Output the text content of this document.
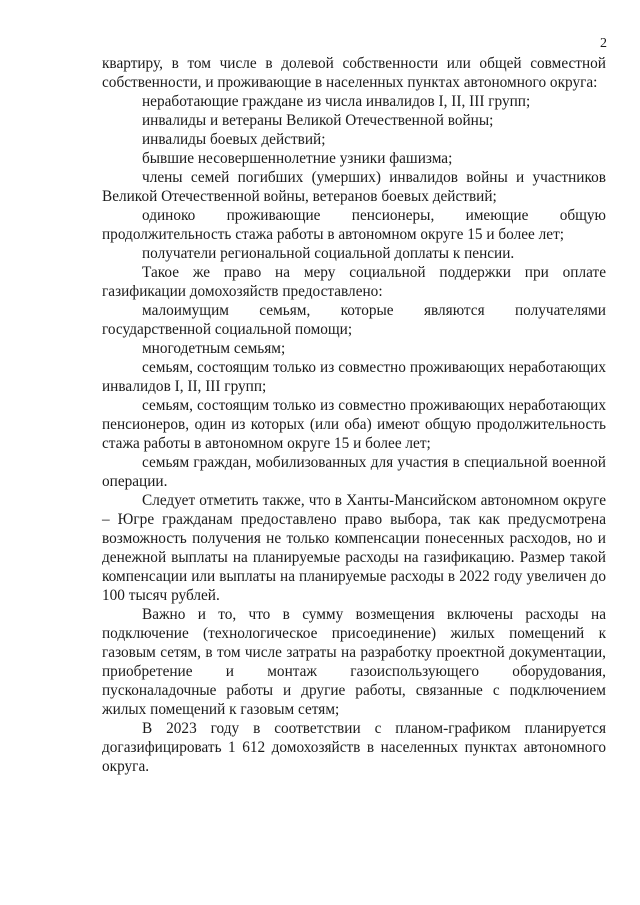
2

квартиру, в том числе в долевой собственности или общей совместной собственности, и проживающие в населенных пунктах автономного округа:

неработающие граждане из числа инвалидов I, II, III групп;

инвалиды и ветераны Великой Отечественной войны;

инвалиды боевых действий;

бывшие несовершеннолетние узники фашизма;

члены семей погибших (умерших) инвалидов войны и участников Великой Отечественной войны, ветеранов боевых действий;

одиноко проживающие пенсионеры, имеющие общую продолжительность стажа работы в автономном округе 15 и более лет;

получатели региональной социальной доплаты к пенсии.

Такое же право на меру социальной поддержки при оплате газификации домохозяйств предоставлено:

малоимущим семьям, которые являются получателями государственной социальной помощи;

многодетным семьям;

семьям, состоящим только из совместно проживающих неработающих инвалидов I, II, III групп;

семьям, состоящим только из совместно проживающих неработающих пенсионеров, один из которых (или оба) имеют общую продолжительность стажа работы в автономном округе 15 и более лет;

семьям граждан, мобилизованных для участия в специальной военной операции.

Следует отметить также, что в Ханты-Мансийском автономном округе – Югре гражданам предоставлено право выбора, так как предусмотрена возможность получения не только компенсации понесенных расходов, но и денежной выплаты на планируемые расходы на газификацию. Размер такой компенсации или выплаты на планируемые расходы в 2022 году увеличен до 100 тысяч рублей.

Важно и то, что в сумму возмещения включены расходы на подключение (технологическое присоединение) жилых помещений к газовым сетям, в том числе затраты на разработку проектной документации, приобретение и монтаж газоиспользующего оборудования, пусконаладочные работы и другие работы, связанные с подключением жилых помещений к газовым сетям;

В 2023 году в соответствии с планом-графиком планируется догазифицировать 1 612 домохозяйств в населенных пунктах автономного округа.
